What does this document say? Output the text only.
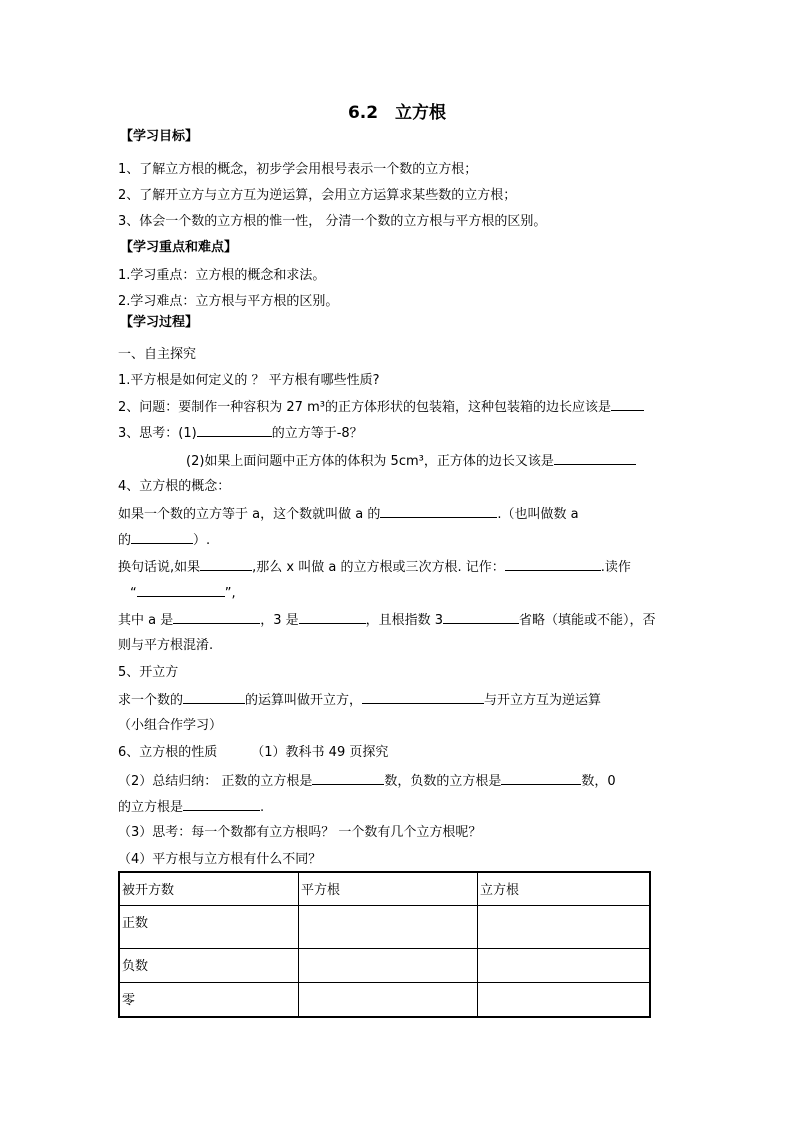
6.2　立方根
【学习目标】
1、了解立方根的概念，初步学会用根号表示一个数的立方根；
2、了解开立方与立方互为逆运算，会用立方运算求某些数的立方根；
3、体会一个数的立方根的惟一性， 分清一个数的立方根与平方根的区别。
【学习重点和难点】
1.学习重点：立方根的概念和求法。
2.学习难点：立方根与平方根的区别。
【学习过程】
一、自主探究
1.平方根是如何定义的 ？ 平方根有哪些性质?
2、问题：要制作一种容积为 27 m³的正方体形状的包装箱，这种包装箱的边长应该是
3、思考：(1)	的立方等于-8？
(2)如果上面问题中正方体的体积为 5cm³，正方体的边长又该是
4、立方根的概念：
如果一个数的立方等于 a，这个数就叫做 a 的	.（也叫做数 a
的	）.
换句话说,如果	,那么 x 叫做 a 的立方根或三次方根. 记作：	.读作
“	”,
其中 a 是	，3 是	，且根指数 3	省略（填能或不能），否
则与平方根混淆.
5、开立方
求一个数的	的运算叫做开立方，	与开立方互为逆运算
（小组合作学习）
6、立方根的性质	（1）教科书 49 页探究
（2）总结归纳： 正数的立方根是	数，负数的立方根是	数，0
的立方根是	.
（3）思考：每一个数都有立方根吗？ 一个数有几个立方根呢？
（4）平方根与立方根有什么不同？
被开方数	平方根	立方根
正数		
负数		
零		
